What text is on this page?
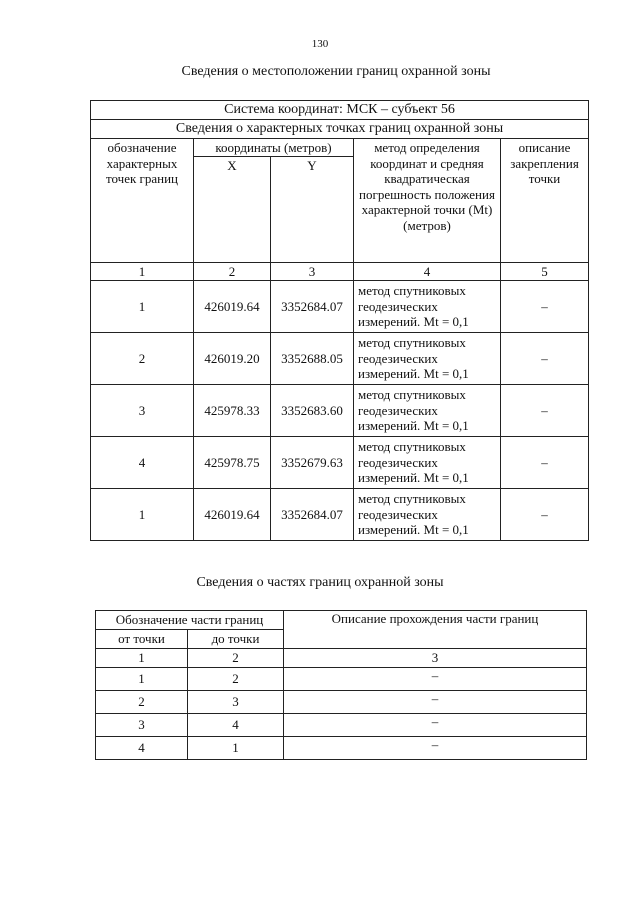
130
Сведения о местоположении границ охранной зоны
Система координат: МСК – субъект 56				
Сведения о характерных точках границ охранной зоны				
обозначение характерных точек границ	координаты (метров)		метод определения координат и средняя квадратическая погрешность положения характерной точки (Mt) (метров)	описание закрепления точки
	X	Y		
1	2	3	4	5
1	426019.64	3352684.07	метод спутниковых геодезических измерений. Mt = 0,1	–
2	426019.20	3352688.05	метод спутниковых геодезических измерений. Mt = 0,1	–
3	425978.33	3352683.60	метод спутниковых геодезических измерений. Mt = 0,1	–
4	425978.75	3352679.63	метод спутниковых геодезических измерений. Mt = 0,1	–
1	426019.64	3352684.07	метод спутниковых геодезических измерений. Mt = 0,1	–
Сведения о частях границ охранной зоны
Обозначение части границ		Описание прохождения части границ
от точки	до точки	
1	2	3
1	2	–
2	3	–
3	4	–
4	1	–
